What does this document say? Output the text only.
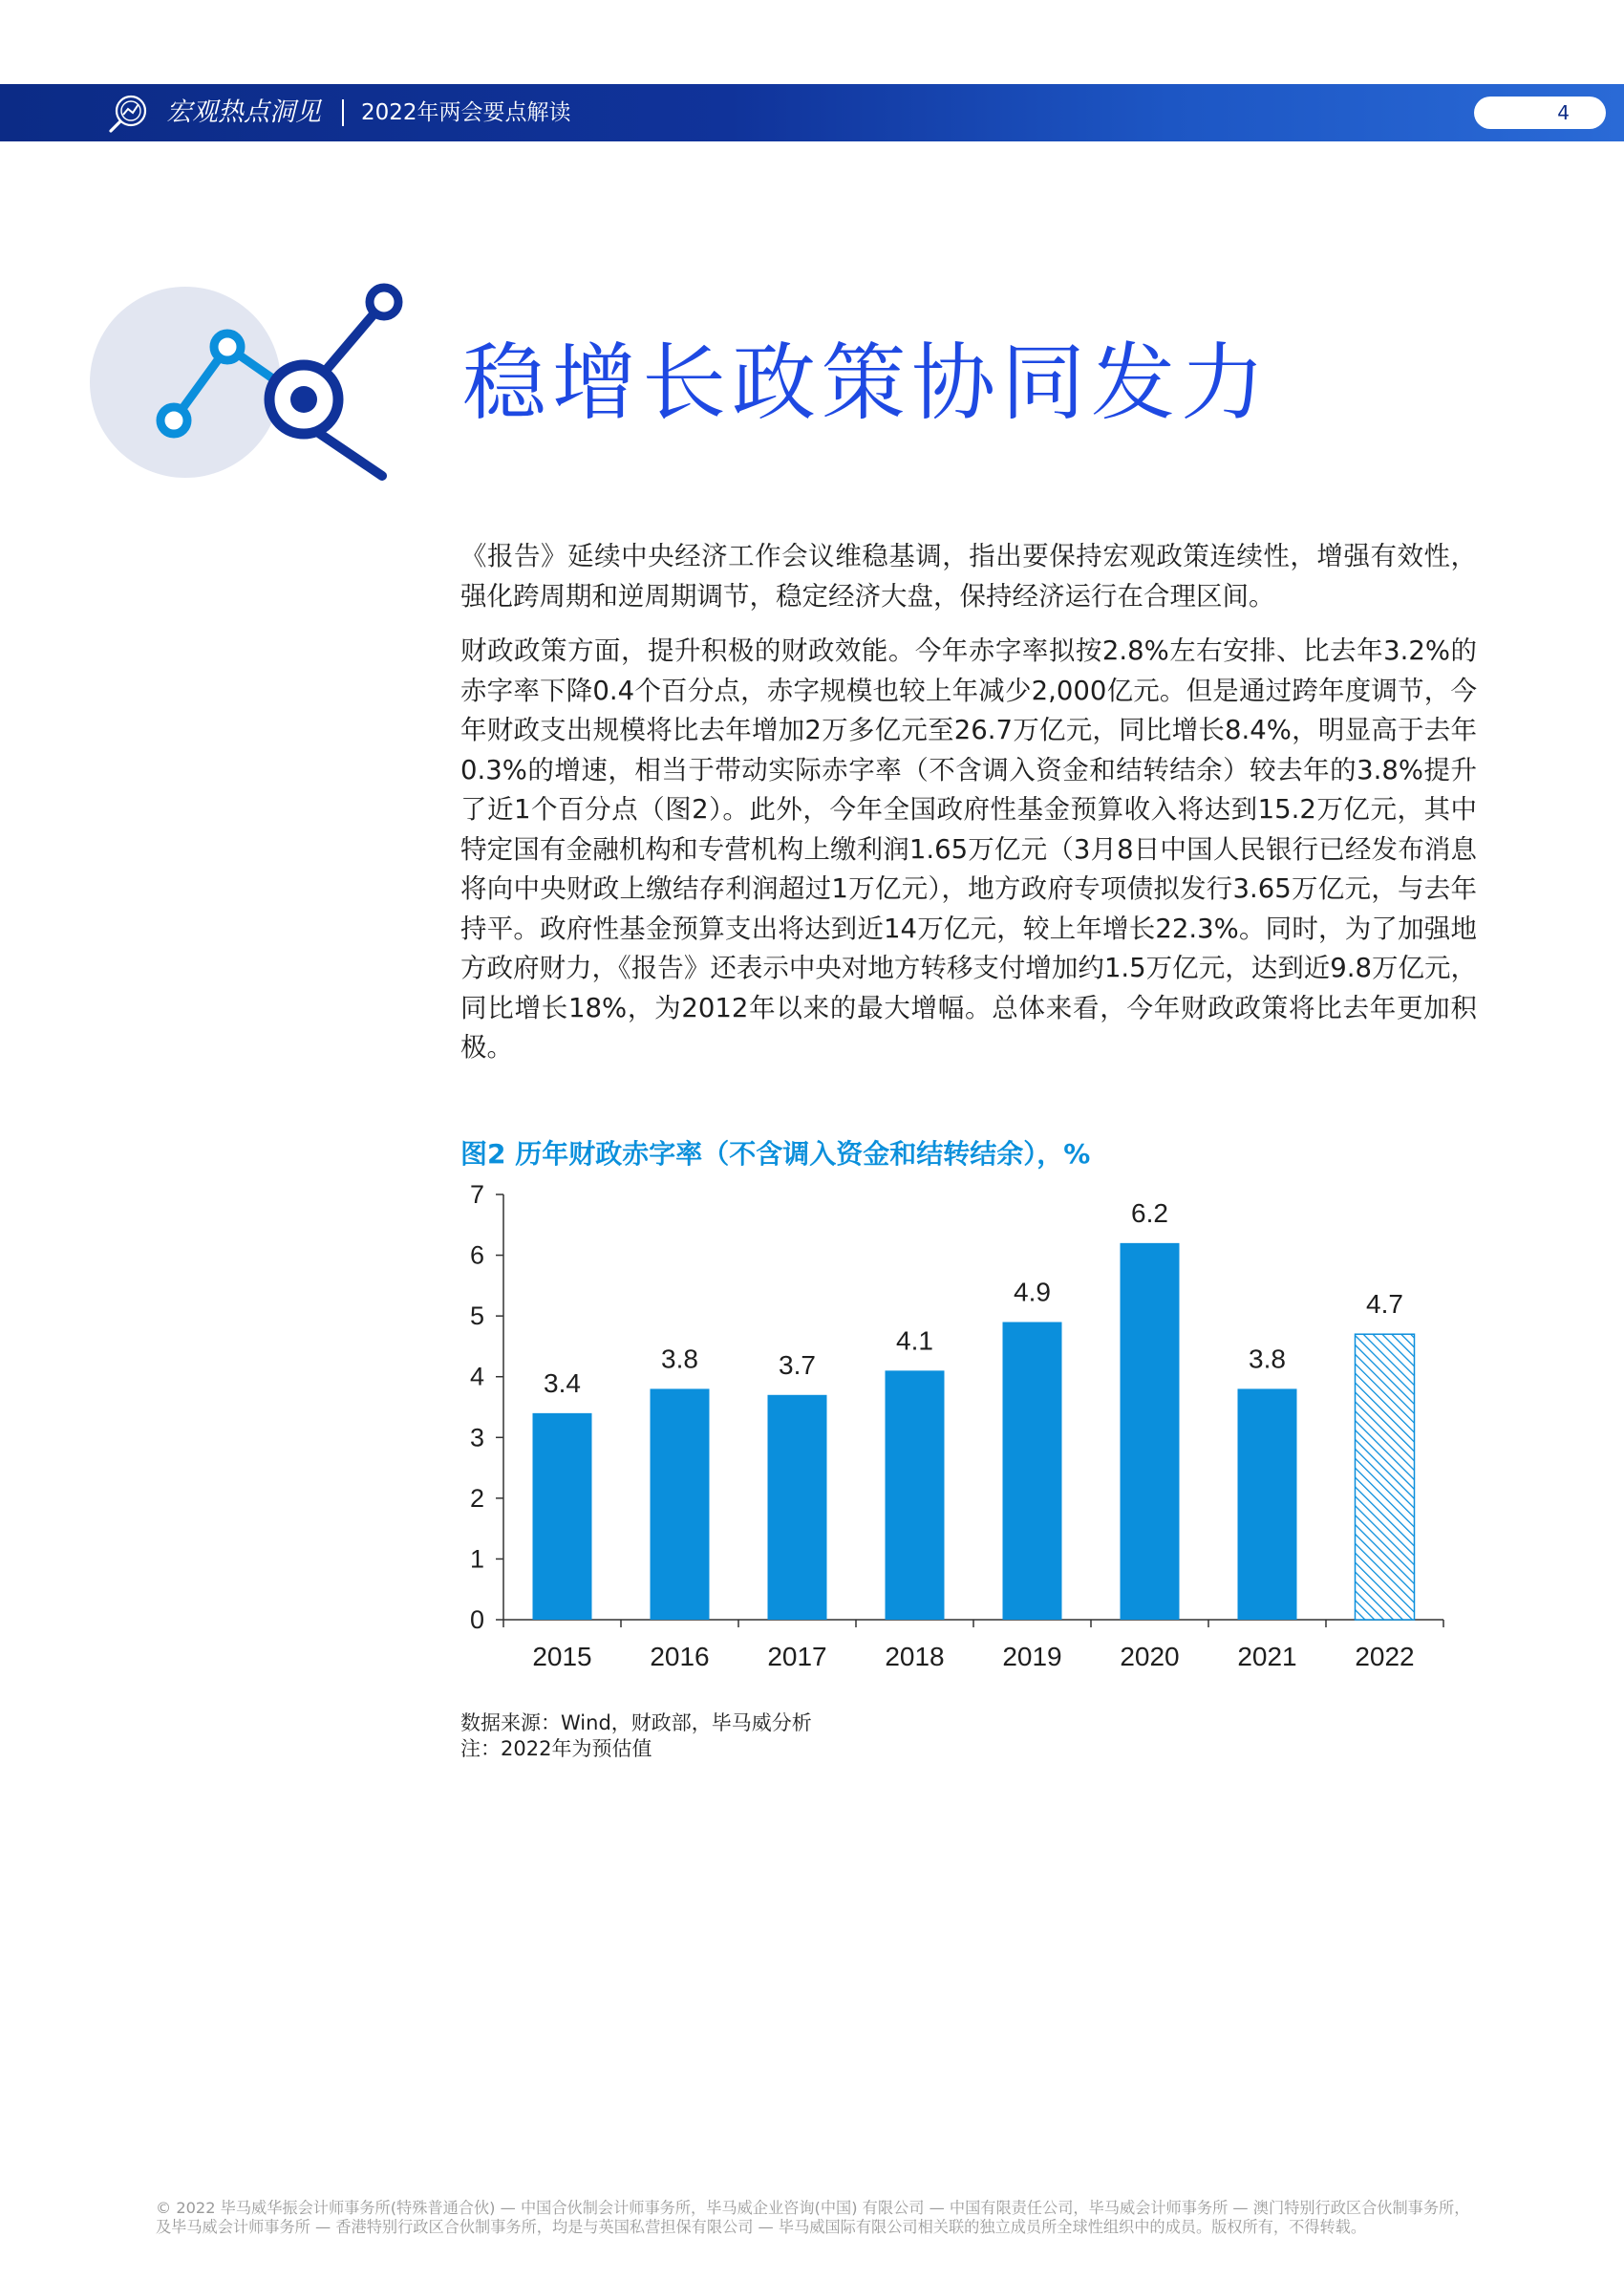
宏观热点洞见 2022年两会要点解读	4
稳增长政策协同发力

《报告》延续中央经济工作会议维稳基调，指出要保持宏观政策连续性，增强有效性，强化跨周期和逆周期调节，稳定经济大盘，保持经济运行在合理区间。

财政政策方面，提升积极的财政效能。今年赤字率拟按2.8%左右安排、比去年3.2%的赤字率下降0.4个百分点，赤字规模也较上年减少2,000亿元。但是通过跨年度调节，今年财政支出规模将比去年增加2万多亿元至26.7万亿元，同比增长8.4%，明显高于去年0.3%的增速，相当于带动实际赤字率（不含调入资金和结转结余）较去年的3.8%提升了近1个百分点（图2）。此外，今年全国政府性基金预算收入将达到15.2万亿元，其中特定国有金融机构和专营机构上缴利润1.65万亿元（3月8日中国人民银行已经发布消息将向中央财政上缴结存利润超过1万亿元），地方政府专项债拟发行3.65万亿元，与去年持平。政府性基金预算支出将达到近14万亿元，较上年增长22.3%。同时，为了加强地方政府财力，《报告》还表示中央对地方转移支付增加约1.5万亿元，达到近9.8万亿元，同比增长18%，为2012年以来的最大增幅。总体来看，今年财政政策将比去年更加积极。

图2 历年财政赤字率（不含调入资金和结转结余），%
0
1
2
3
4
5
6
7
3.4
2015
3.8
2016
3.7
2017
4.1
2018
4.9
2019
6.2
2020
3.8
2021
4.7
2022
数据来源：Wind，财政部，毕马威分析
注：2022年为预估值
© 2022 毕马威华振会计师事务所(特殊普通合伙) — 中国合伙制会计师事务所，毕马威企业咨询(中国) 有限公司 — 中国有限责任公司，毕马威会计师事务所 — 澳门特别行政区合伙制事务所，
及毕马威会计师事务所 — 香港特别行政区合伙制事务所，均是与英国私营担保有限公司 — 毕马威国际有限公司相关联的独立成员所全球性组织中的成员。版权所有，不得转载。
